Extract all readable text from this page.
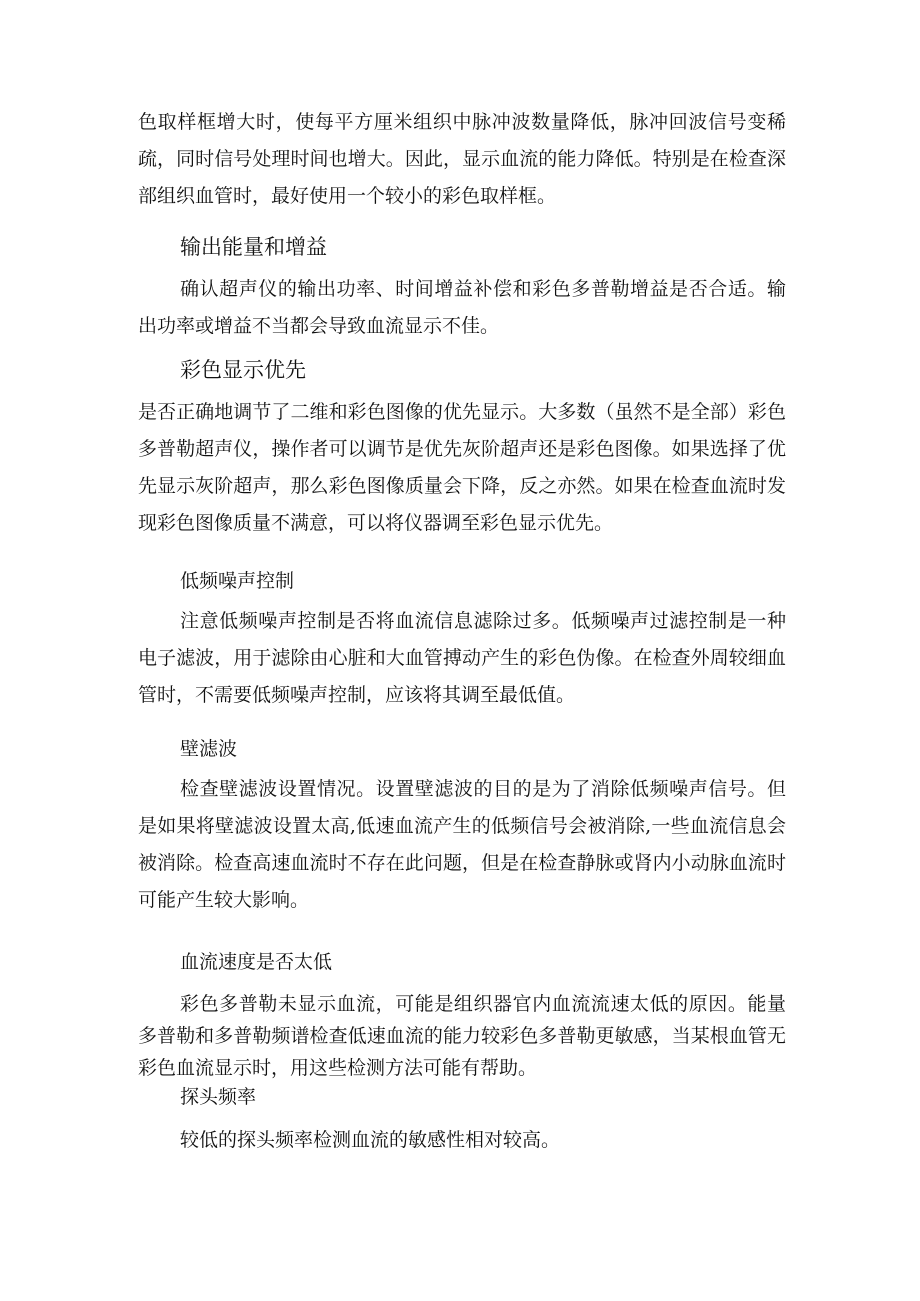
色取样框增大时，使每平方厘米组织中脉冲波数量降低，脉冲回波信号变稀疏，同时信号处理时间也增大。因此，显示血流的能力降低。特别是在检查深部组织血管时，最好使用一个较小的彩色取样框。

输出能量和增益

确认超声仪的输出功率、时间增益补偿和彩色多普勒增益是否合适。输出功率或增益不当都会导致血流显示不佳。

彩色显示优先

是否正确地调节了二维和彩色图像的优先显示。大多数（虽然不是全部）彩色多普勒超声仪，操作者可以调节是优先灰阶超声还是彩色图像。如果选择了优先显示灰阶超声，那么彩色图像质量会下降，反之亦然。如果在检查血流时发现彩色图像质量不满意，可以将仪器调至彩色显示优先。

低频噪声控制

注意低频噪声控制是否将血流信息滤除过多。低频噪声过滤控制是一种电子滤波，用于滤除由心脏和大血管搏动产生的彩色伪像。在检查外周较细血管时，不需要低频噪声控制，应该将其调至最低值。

壁滤波

检查壁滤波设置情况。设置壁滤波的目的是为了消除低频噪声信号。但是如果将壁滤波设置太高,低速血流产生的低频信号会被消除,一些血流信息会被消除。检查高速血流时不存在此问题，但是在检查静脉或肾内小动脉血流时可能产生较大影响。

血流速度是否太低

彩色多普勒未显示血流，可能是组织器官内血流流速太低的原因。能量多普勒和多普勒频谱检查低速血流的能力较彩色多普勒更敏感，当某根血管无彩色血流显示时，用这些检测方法可能有帮助。

探头频率

较低的探头频率检测血流的敏感性相对较高。
